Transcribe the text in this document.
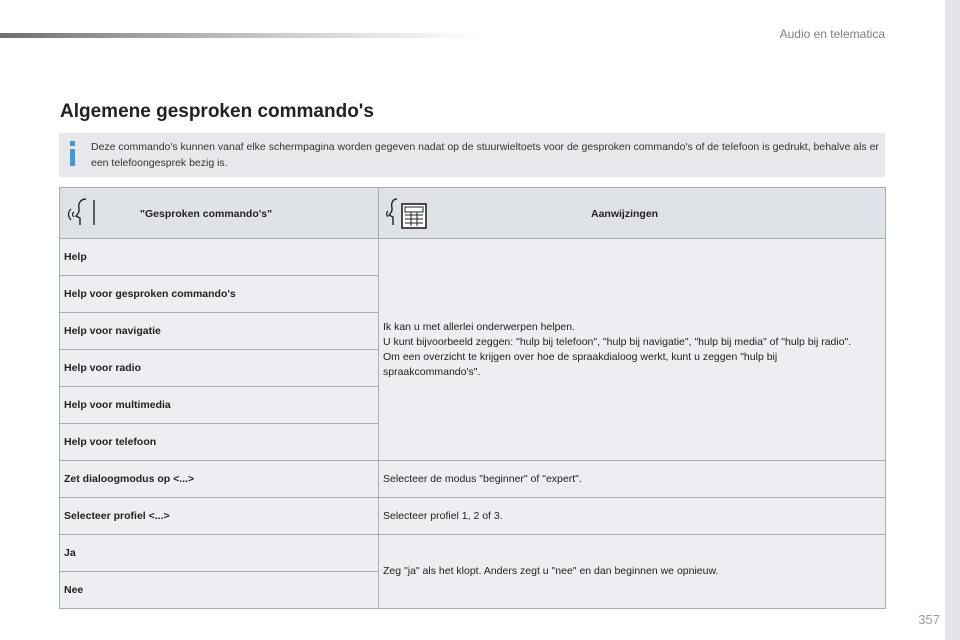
Audio en telematica
Algemene gesproken commando's
Deze commando's kunnen vanaf elke schermpagina worden gegeven nadat op de stuurwieltoets voor de gesproken commando's of de telefoon is gedrukt, behalve als er een telefoongesprek bezig is.
"Gesproken commando's"	Aanwijzingen

Help	Ik kan u met allerlei onderwerpen helpen.
U kunt bijvoorbeeld zeggen: "hulp bij telefoon", "hulp bij navigatie", "hulp bij media" of "hulp bij radio". Om een overzicht te krijgen over hoe de spraakdialoog werkt, kunt u zeggen "hulp bij spraakcommando's".

Help voor gesproken commando's	
Help voor navigatie	
Help voor radio	
Help voor multimedia	
Help voor telefoon	
Zet dialoogmodus op <...>	Selecteer de modus "beginner" of "expert".
Selecteer profiel <...>	Selecteer profiel 1, 2 of 3.
Ja	Zeg "ja" als het klopt. Anders zegt u "nee" en dan beginnen we opnieuw.
Nee	
357
